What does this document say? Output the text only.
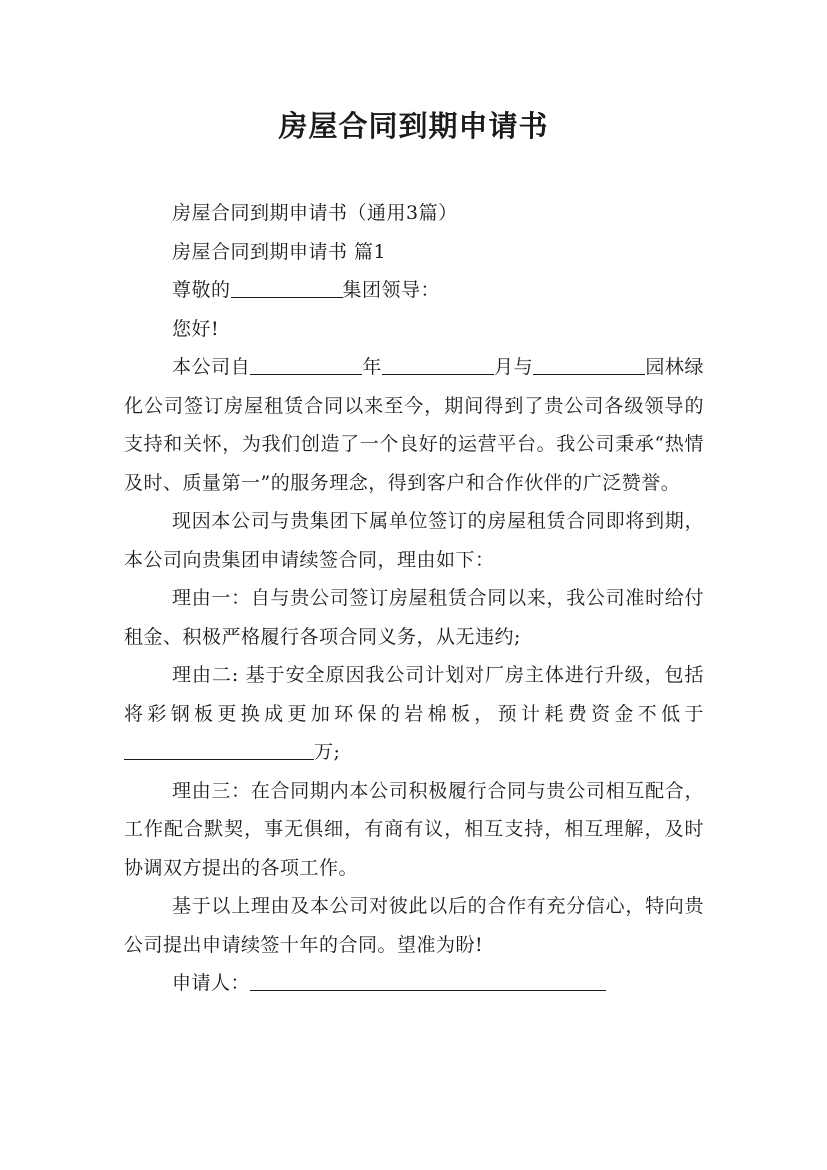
房屋合同到期申请书

房屋合同到期申请书（通用3篇）

房屋合同到期申请书 篇1

尊敬的	集团领导：

您好!

本公司自	年	月与	园林绿化公司签订房屋租赁合同以来至今，期间得到了贵公司各级领导的支持和关怀，为我们创造了一个良好的运营平台。我公司秉承“热情及时、质量第一”的服务理念，得到客户和合作伙伴的广泛赞誉。

现因本公司与贵集团下属单位签订的房屋租赁合同即将到期，本公司向贵集团申请续签合同，理由如下：

理由一：自与贵公司签订房屋租赁合同以来，我公司准时给付租金、积极严格履行各项合同义务，从无违约;

理由二: 基于安全原因我公司计划对厂房主体进行升级，包括将彩钢板更换成更加环保的岩棉板，预计耗费资金不低于万;

理由三：在合同期内本公司积极履行合同与贵公司相互配合，工作配合默契，事无俱细，有商有议，相互支持，相互理解，及时协调双方提出的各项工作。

基于以上理由及本公司对彼此以后的合作有充分信心，特向贵公司提出申请续签十年的合同。望准为盼!

申请人：
